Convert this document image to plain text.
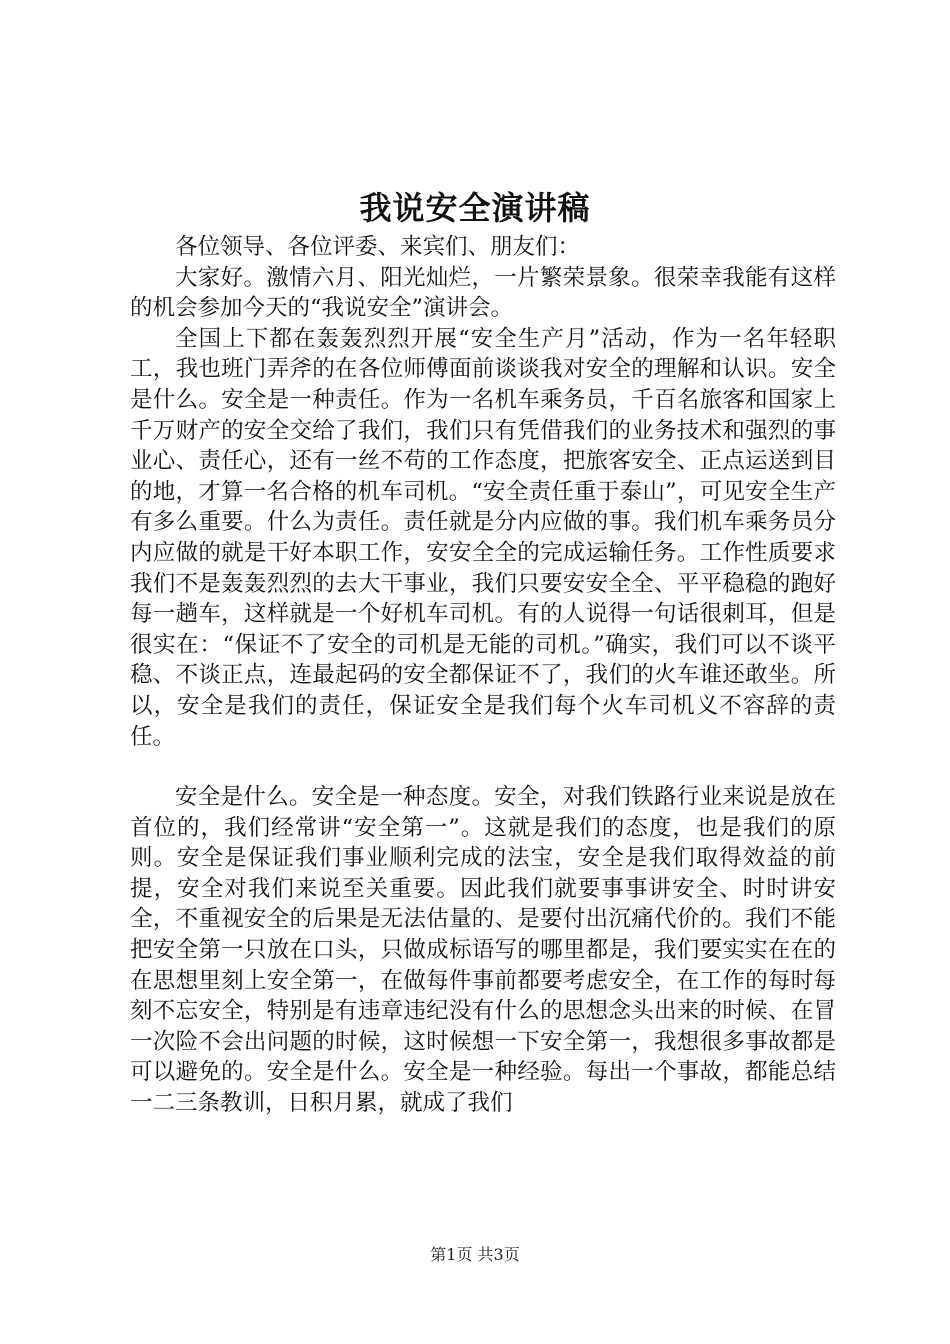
我说安全演讲稿

各位领导、各位评委、来宾们、朋友们：

大家好。激情六月、阳光灿烂，一片繁荣景象。很荣幸我能有这样的机会参加今天的“我说安全”演讲会。

全国上下都在轰轰烈烈开展“安全生产月”活动，作为一名年轻职工，我也班门弄斧的在各位师傅面前谈谈我对安全的理解和认识。安全是什么。安全是一种责任。作为一名机车乘务员，千百名旅客和国家上千万财产的安全交给了我们，我们只有凭借我们的业务技术和强烈的事业心、责任心，还有一丝不苟的工作态度，把旅客安全、正点运送到目的地，才算一名合格的机车司机。“安全责任重于泰山”，可见安全生产有多么重要。什么为责任。责任就是分内应做的事。我们机车乘务员分内应做的就是干好本职工作，安安全全的完成运输任务。工作性质要求我们不是轰轰烈烈的去大干事业，我们只要安安全全、平平稳稳的跑好每一趟车，这样就是一个好机车司机。有的人说得一句话很刺耳，但是很实在：“保证不了安全的司机是无能的司机。”确实，我们可以不谈平稳、不谈正点，连最起码的安全都保证不了，我们的火车谁还敢坐。所以，安全是我们的责任，保证安全是我们每个火车司机义不容辞的责任。

安全是什么。安全是一种态度。安全，对我们铁路行业来说是放在首位的，我们经常讲“安全第一”。这就是我们的态度，也是我们的原则。安全是保证我们事业顺利完成的法宝，安全是我们取得效益的前提，安全对我们来说至关重要。因此我们就要事事讲安全、时时讲安全，不重视安全的后果是无法估量的、是要付出沉痛代价的。我们不能把安全第一只放在口头，只做成标语写的哪里都是，我们要实实在在的在思想里刻上安全第一，在做每件事前都要考虑安全，在工作的每时每刻不忘安全，特别是有违章违纪没有什么的思想念头出来的时候、在冒一次险不会出问题的时候，这时候想一下安全第一，我想很多事故都是可以避免的。安全是什么。安全是一种经验。每出一个事故，都能总结一二三条教训，日积月累，就成了我们

第1页 共3页
